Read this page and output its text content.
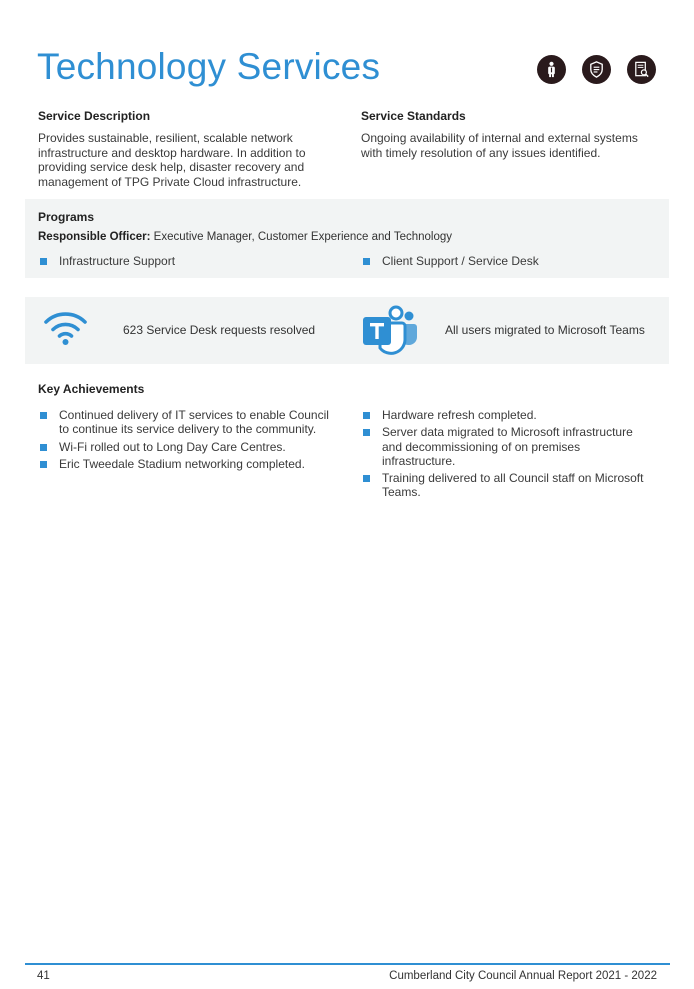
Technology Services
Service Description
Provides sustainable, resilient, scalable network
infrastructure and desktop hardware. In addition to
providing service desk help, disaster recovery and
management of TPG Private Cloud infrastructure.
Service Standards
Ongoing availability of internal and external systems
with timely resolution of any issues identified.
Programs
Responsible Officer: Executive Manager, Customer Experience and Technology
Infrastructure Support	Client Support / Service Desk
623 Service Desk requests resolved	All users migrated to Microsoft Teams
Key Achievements
Continued delivery of IT services to enable Council
to continue its service delivery to the community.
Wi-Fi rolled out to Long Day Care Centres.
Eric Tweedale Stadium networking completed.
Hardware refresh completed.
Server data migrated to Microsoft infrastructure
and decommissioning of on premises
infrastructure.
Training delivered to all Council staff on Microsoft
Teams.
41	Cumberland City Council Annual Report 2021 - 2022
